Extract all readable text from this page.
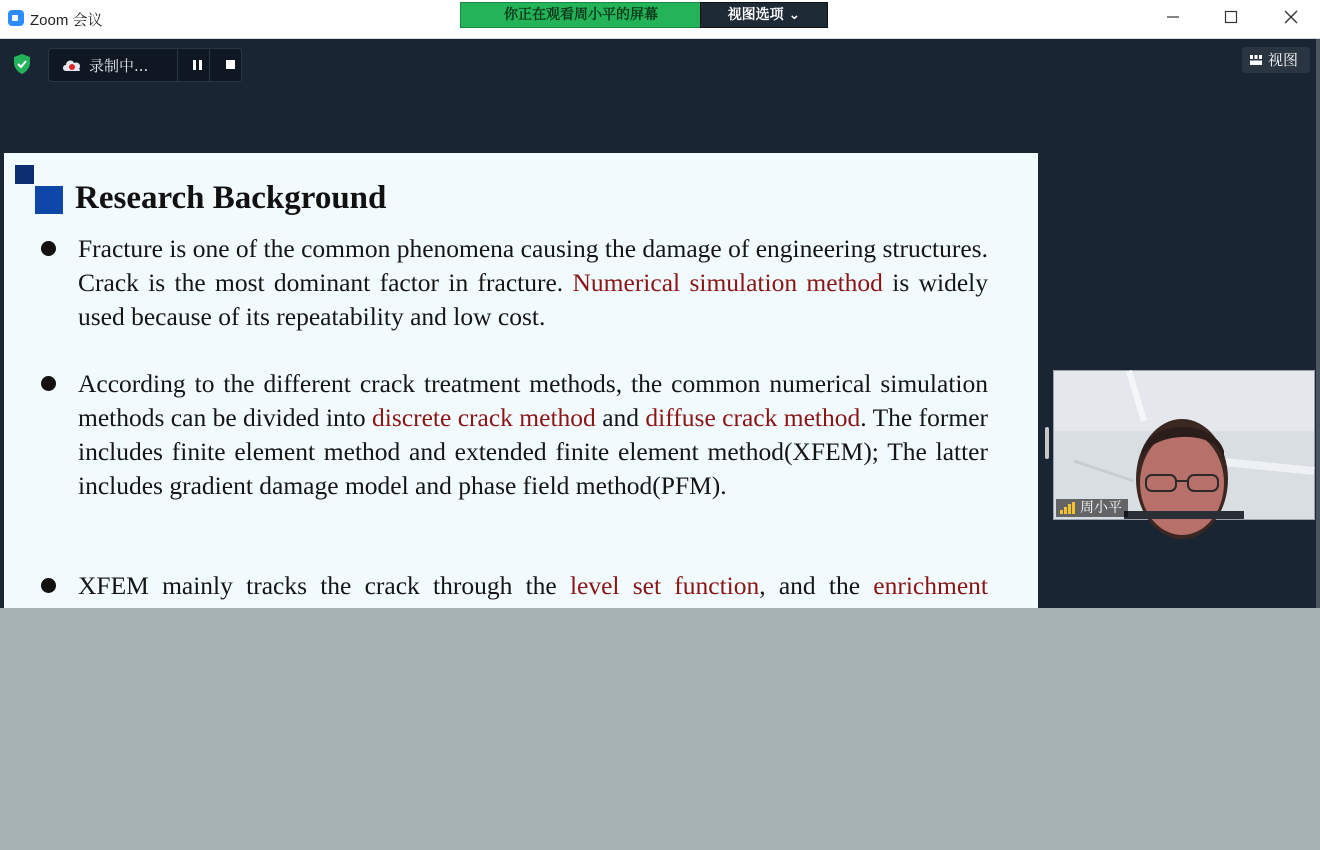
Zoom 会议	你正在观看周小平的屏幕	视图选项 ⌄
录制中...	视图
Research Background
Fracture is one of the common phenomena causing the damage of engineering structures. Crack is the most dominant factor in fracture. Numerical simulation method is widely used because of its repeatability and low cost.
According to the different crack treatment methods, the common numerical simulation methods can be divided into discrete crack method and diffuse crack method. The former includes finite element method and extended finite element method(XFEM); The latter includes gradient damage model and phase field method(PFM).
XFEM mainly tracks the crack through the level set function, and the enrichment
周小平
